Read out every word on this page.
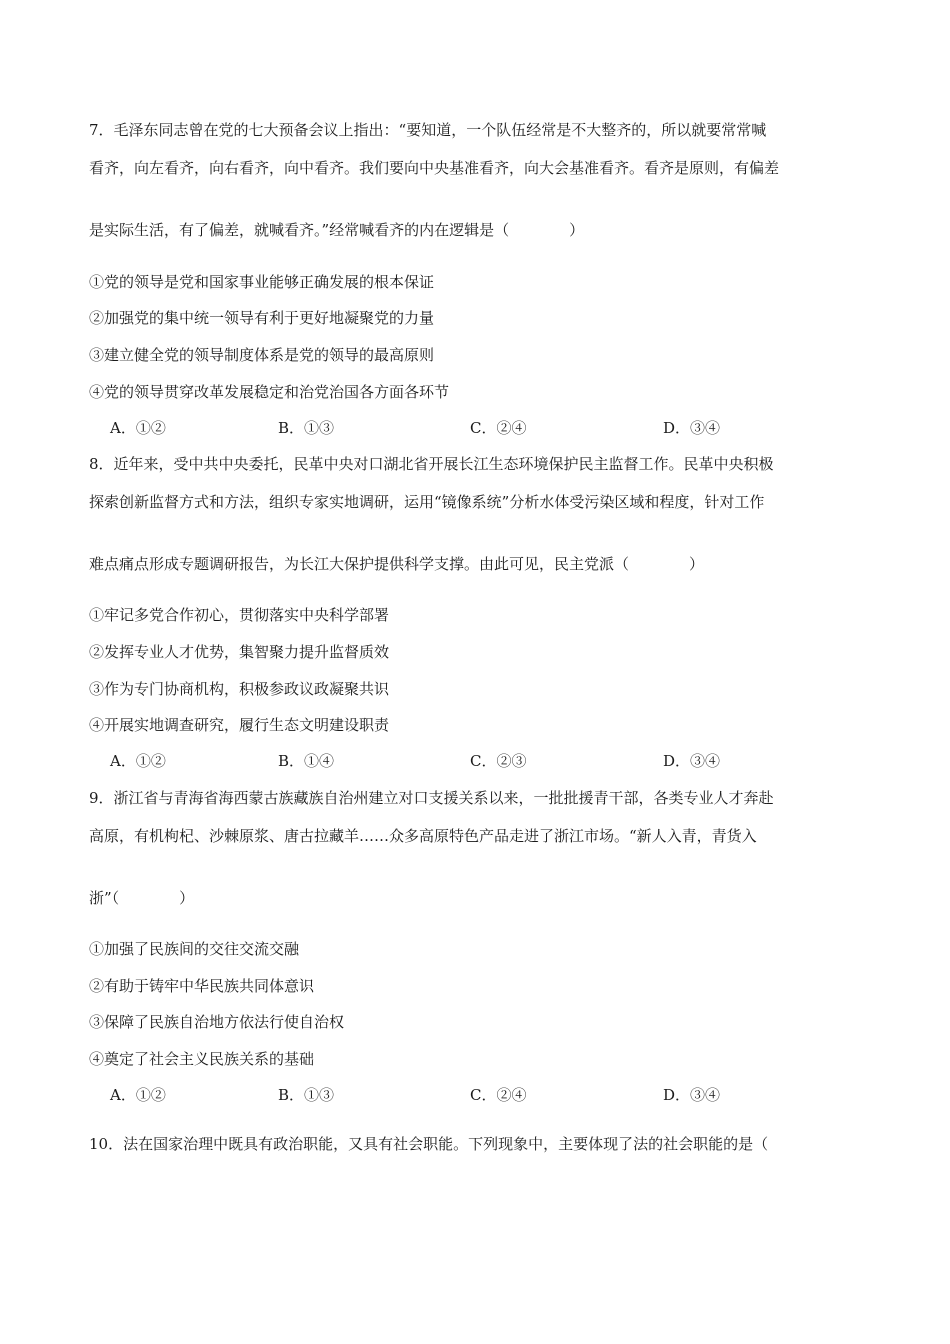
7．毛泽东同志曾在党的七大预备会议上指出：“要知道，一个队伍经常是不大整齐的，所以就要常常喊
看齐，向左看齐，向右看齐，向中看齐。我们要向中央基准看齐，向大会基准看齐。看齐是原则，有偏差
是实际生活，有了偏差，就喊看齐。”经常喊看齐的内在逻辑是（　　　　）
①党的领导是党和国家事业能够正确发展的根本保证
②加强党的集中统一领导有利于更好地凝聚党的力量
③建立健全党的领导制度体系是党的领导的最高原则
④党的领导贯穿改革发展稳定和治党治国各方面各环节
A．①②	B．①③	C．②④	D．③④
8．近年来，受中共中央委托，民革中央对口湖北省开展长江生态环境保护民主监督工作。民革中央积极
探索创新监督方式和方法，组织专家实地调研，运用“镜像系统”分析水体受污染区域和程度，针对工作
难点痛点形成专题调研报告，为长江大保护提供科学支撑。由此可见，民主党派（　　　　）
①牢记多党合作初心，贯彻落实中央科学部署
②发挥专业人才优势，集智聚力提升监督质效
③作为专门协商机构，积极参政议政凝聚共识
④开展实地调查研究，履行生态文明建设职责
A．①②	B．①④	C．②③	D．③④
9．浙江省与青海省海西蒙古族藏族自治州建立对口支援关系以来，一批批援青干部，各类专业人才奔赴
高原，有机枸杞、沙棘原浆、唐古拉藏羊……众多高原特色产品走进了浙江市场。“新人入青，青货入
浙”（　　　　）
①加强了民族间的交往交流交融
②有助于铸牢中华民族共同体意识
③保障了民族自治地方依法行使自治权
④奠定了社会主义民族关系的基础
A．①②	B．①③	C．②④	D．③④
10．法在国家治理中既具有政治职能，又具有社会职能。下列现象中，主要体现了法的社会职能的是（
